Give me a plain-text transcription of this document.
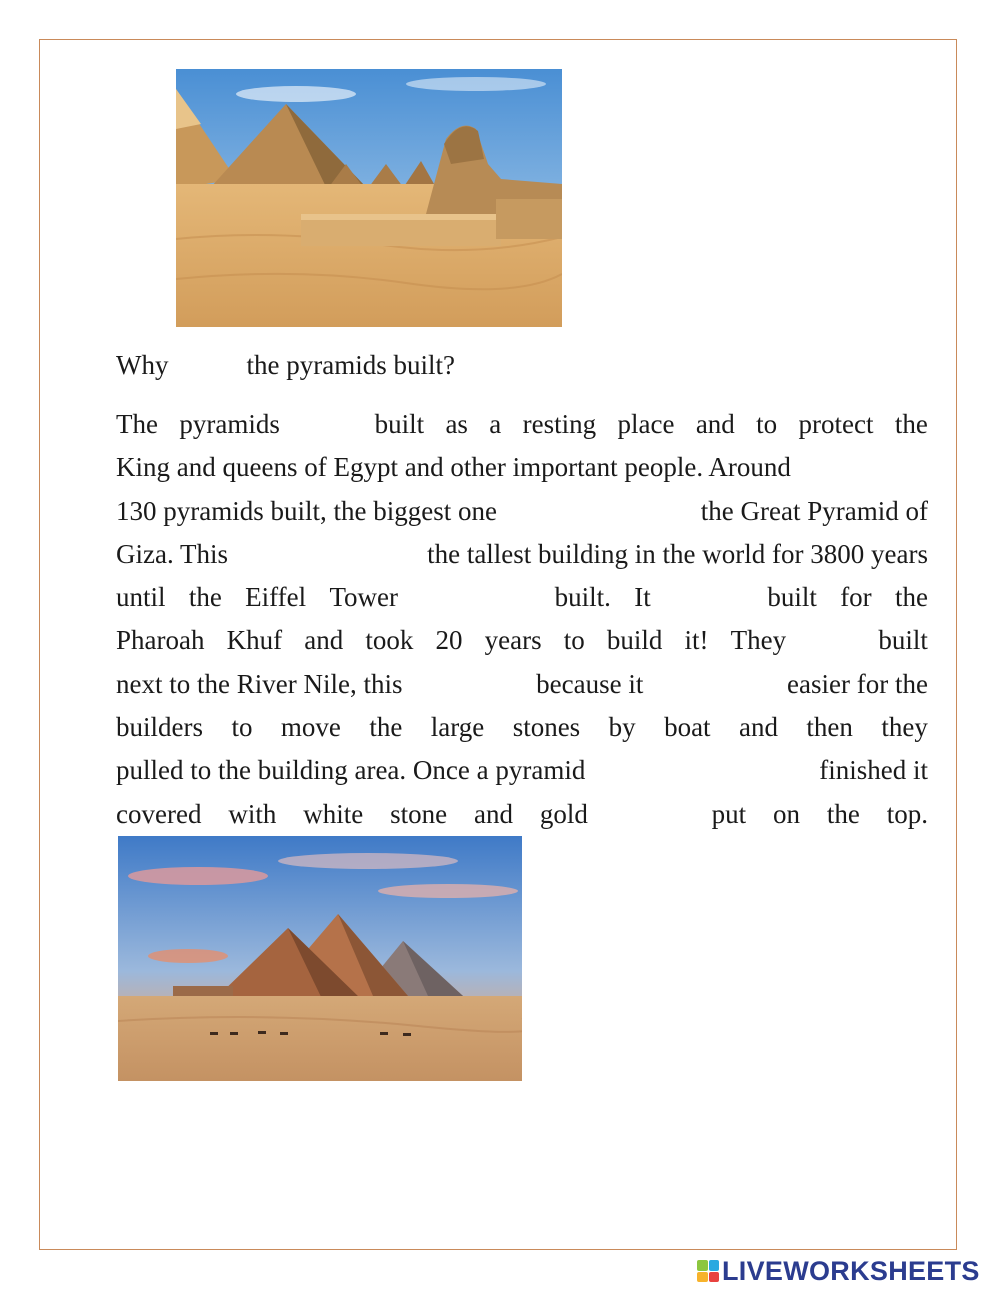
Why	the pyramids built?
The pyramids	built as a resting place and to protect the
King and queens of Egypt and other important people. Around
130 pyramids built, the biggest one	the Great Pyramid of
Giza. This	the tallest building in the world for 3800 years
until the Eiffel Tower	built. It	built for the
Pharoah Khuf and took 20 years to build it! They	built
next to the River Nile, this	because it	easier for the
builders to move the large stones by boat and then they
pulled to the building area. Once a pyramid	finished it
covered with white stone and gold	put on the top.
LIVEWORKSHEETS
